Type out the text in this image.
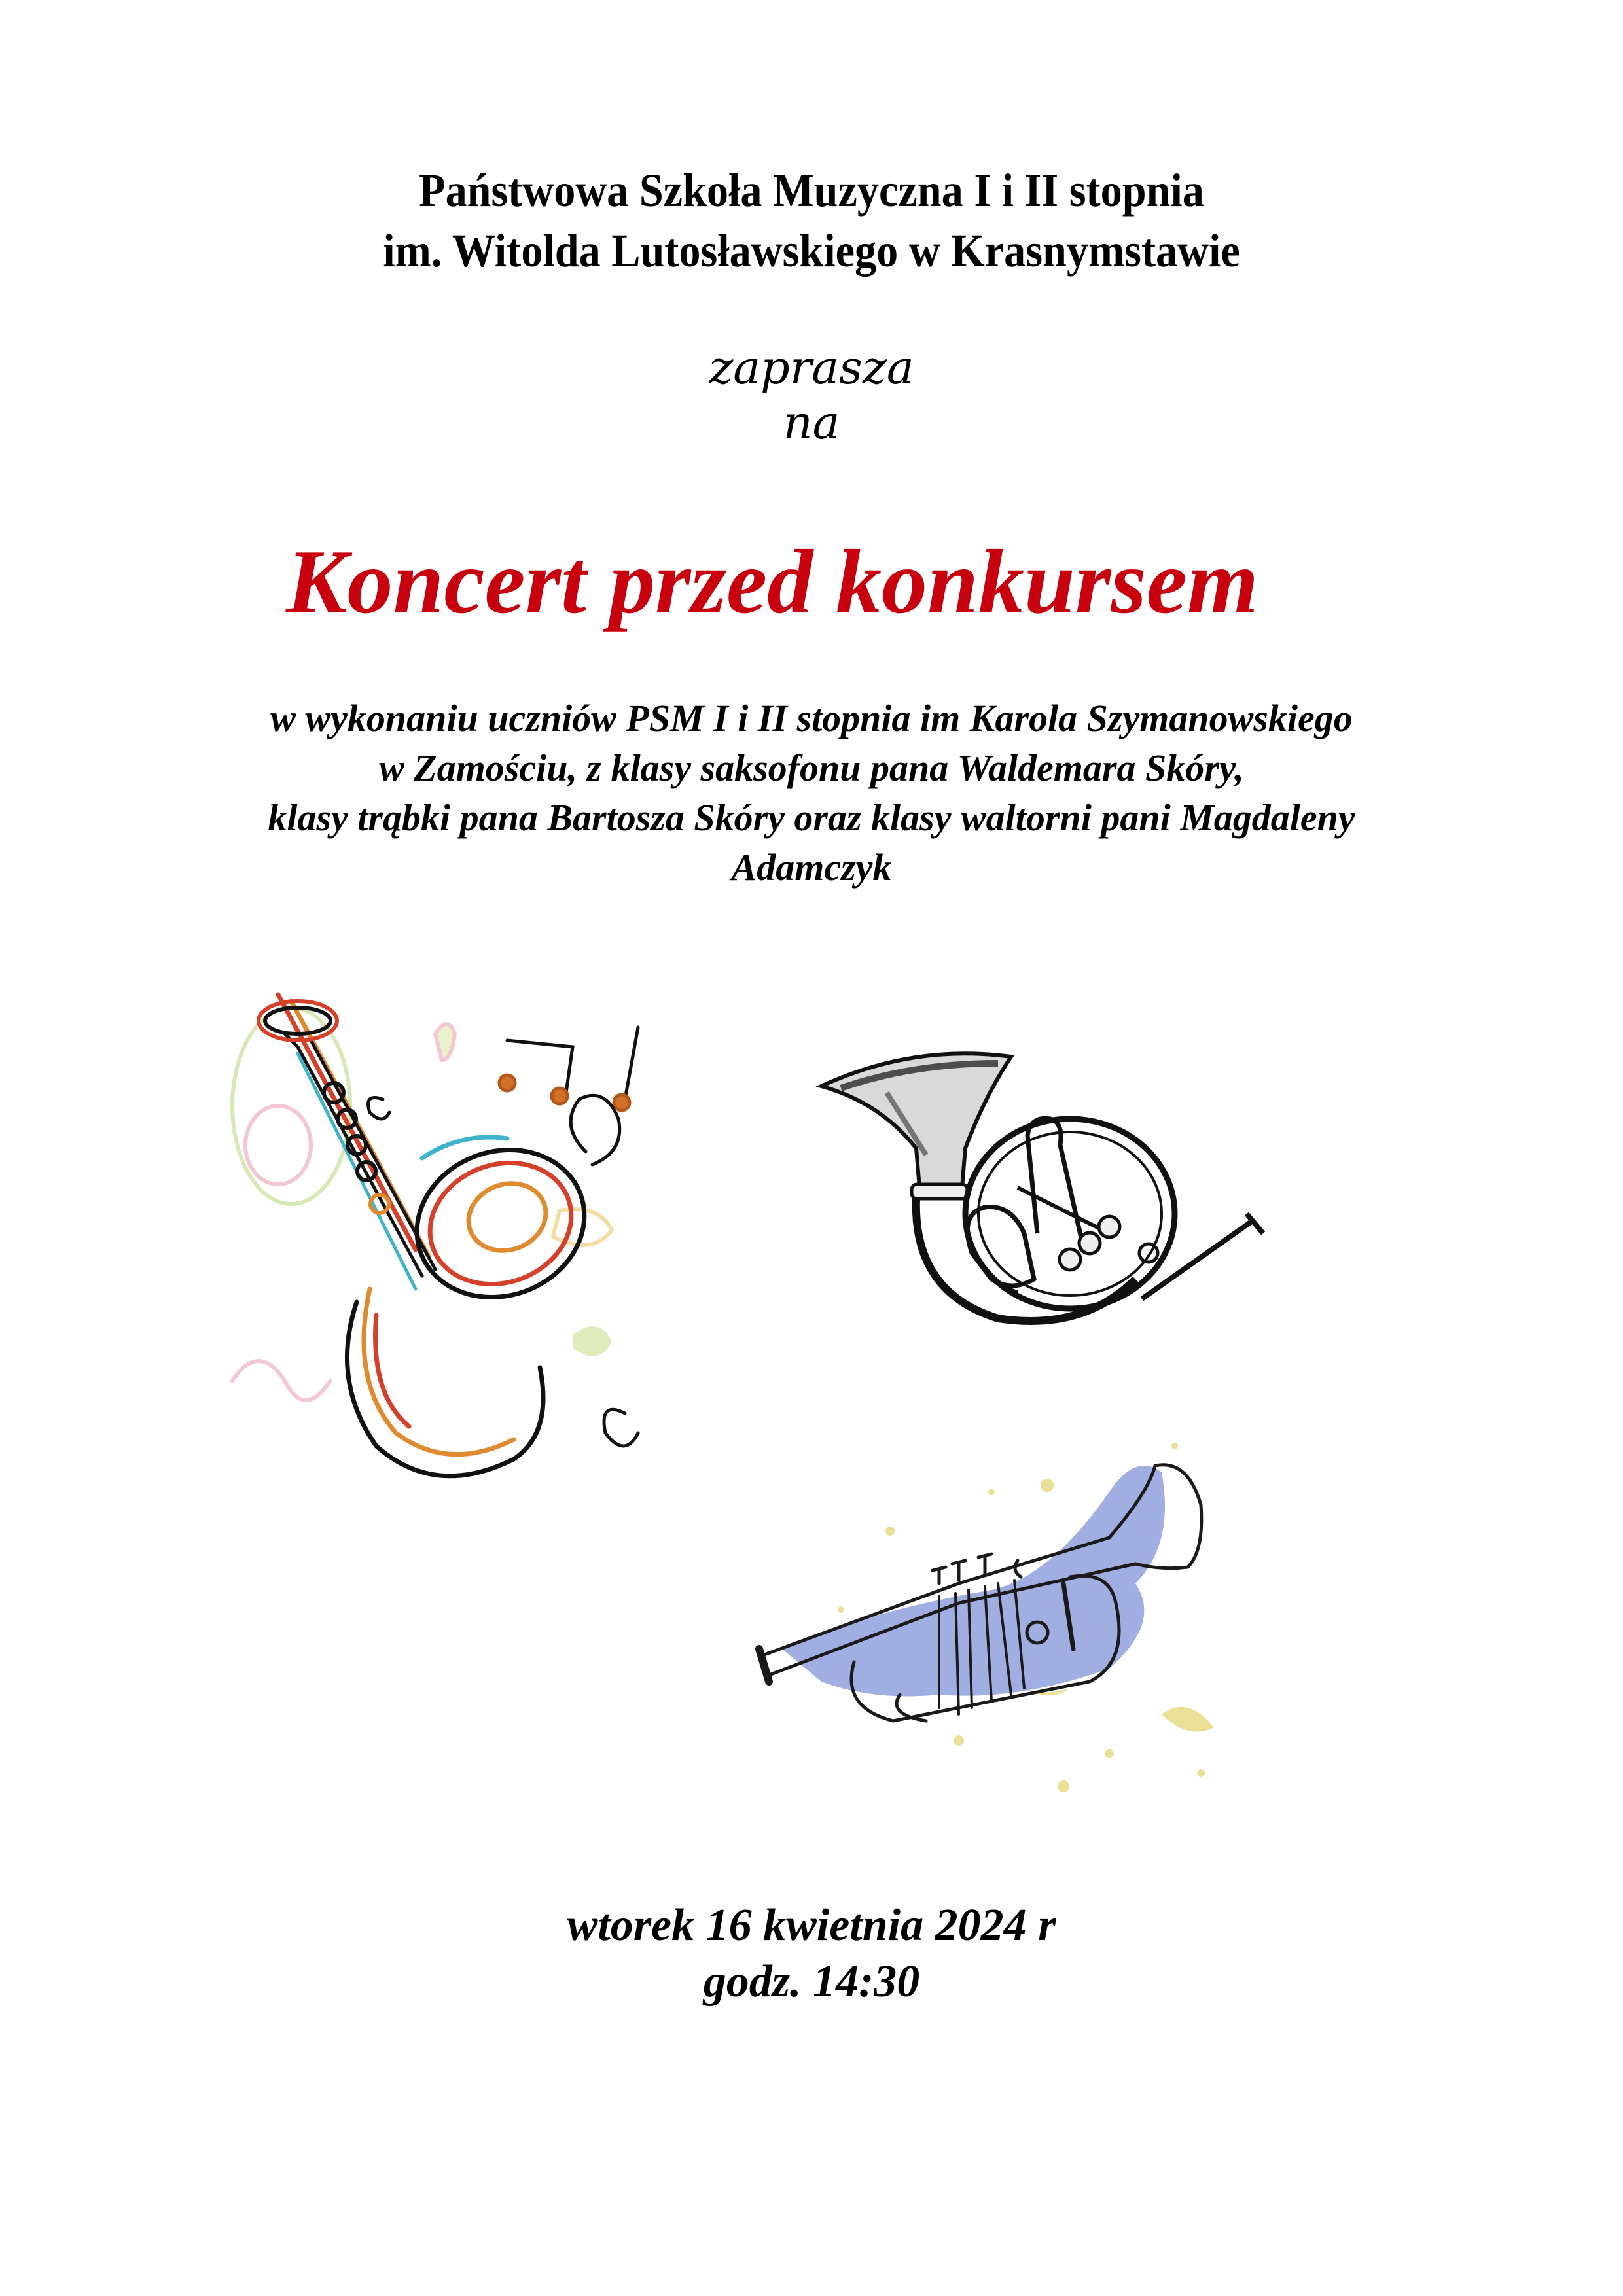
Państwowa Szkoła Muzyczna I i II stopnia
im. Witolda Lutosławskiego w Krasnymstawie
zaprasza
na
Koncert przed konkursem
w wykonaniu uczniów PSM I i II stopnia im Karola Szymanowskiego
w Zamościu, z klasy saksofonu pana Waldemara Skóry,
klasy trąbki pana Bartosza Skóry oraz klasy waltorni pani Magdaleny
Adamczyk
wtorek 16 kwietnia 2024 r
godz. 14:30
